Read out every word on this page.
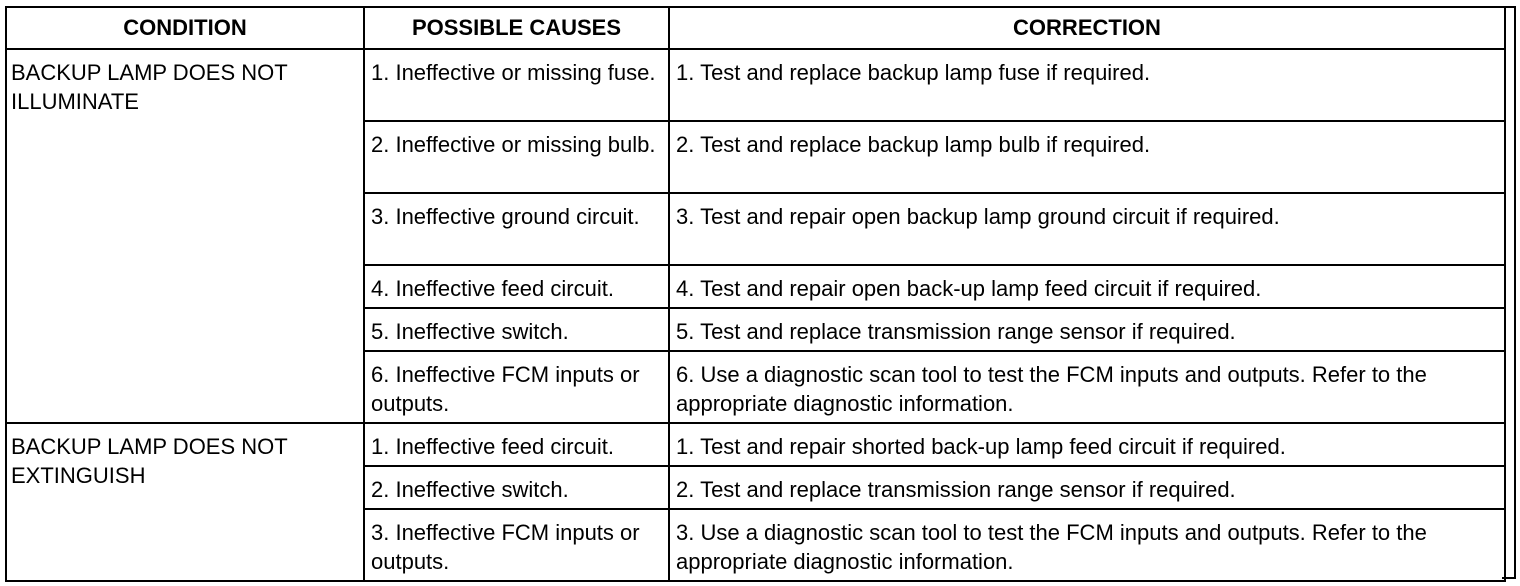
CONDITION	POSSIBLE CAUSES	CORRECTION
BACKUP LAMP DOES NOT ILLUMINATE	1. Ineffective or missing fuse.	1. Test and replace backup lamp fuse if required.
	2. Ineffective or missing bulb.	2. Test and replace backup lamp bulb if required.
	3. Ineffective ground circuit.	3. Test and repair open backup lamp ground circuit if required.
	4. Ineffective feed circuit.	4. Test and repair open back-up lamp feed circuit if required.
	5. Ineffective switch.	5. Test and replace transmission range sensor if required.
	6. Ineffective FCM inputs or outputs.	6. Use a diagnostic scan tool to test the FCM inputs and outputs. Refer to the appropriate diagnostic information.
BACKUP LAMP DOES NOT EXTINGUISH	1. Ineffective feed circuit.	1. Test and repair shorted back-up lamp feed circuit if required.
	2. Ineffective switch.	2. Test and replace transmission range sensor if required.
	3. Ineffective FCM inputs or outputs.	3. Use a diagnostic scan tool to test the FCM inputs and outputs. Refer to the appropriate diagnostic information.
